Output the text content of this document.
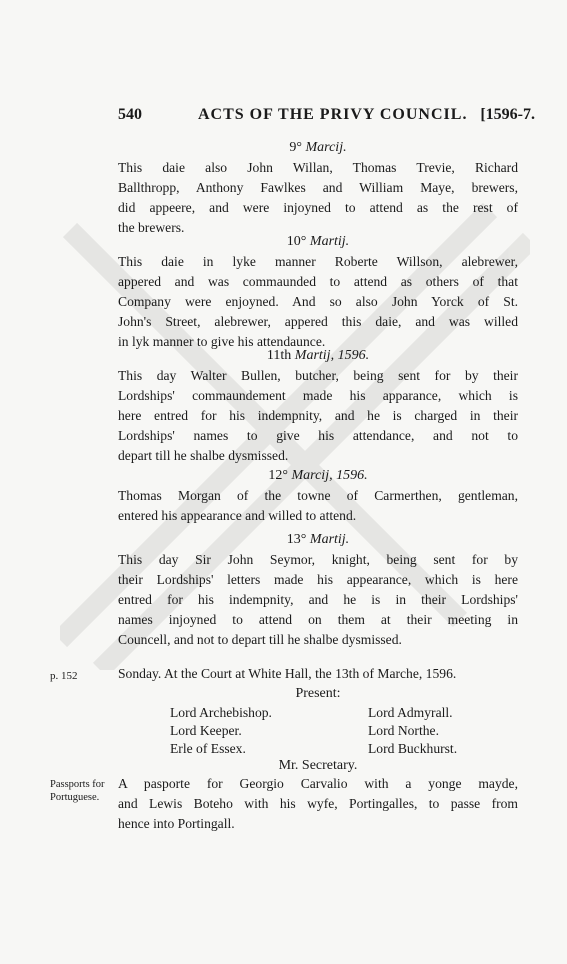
540	ACTS OF THE PRIVY COUNCIL. [1596-7.
9° Marcij.
This daie also John Willan, Thomas Trevie, Richard
Ballthropp, Anthony Fawlkes and William Maye, brewers,
did appeere, and were injoyned to attend as the rest of
the brewers.
10° Martij.
This daie in lyke manner Roberte Willson, alebrewer,
appered and was commaunded to attend as others of that
Company were enjoyned. And so also John Yorck of St.
John's Street, alebrewer, appered this daie, and was willed
in lyk manner to give his attendaunce.
11th Martij, 1596.
This day Walter Bullen, butcher, being sent for by their
Lordships' commaundement made his apparance, which is
here entred for his indempnity, and he is charged in their
Lordships' names to give his attendance, and not to
depart till he shalbe dysmissed.
12° Marcij, 1596.
Thomas Morgan of the towne of Carmerthen, gentleman,
entered his appearance and willed to attend.
13° Martij.
This day Sir John Seymor, knight, being sent for by
their Lordships' letters made his appearance, which is here
entred for his indempnity, and he is in their Lordships'
names injoyned to attend on them at their meeting in
Councell, and not to depart till he shalbe dysmissed.
p. 152	Sonday. At the Court at White Hall, the 13th of Marche, 1596.
Present:
Lord Archebishop.
Lord Keeper.
Erle of Essex.
Lord Admyrall.
Lord Northe.
Lord Buckhurst.
Mr. Secretary.
Passports for
Portuguese.
A pasporte for Georgio Carvalio with a yonge mayde,
and Lewis Boteho with his wyfe, Portingalles, to passe from
hence into Portingall.
